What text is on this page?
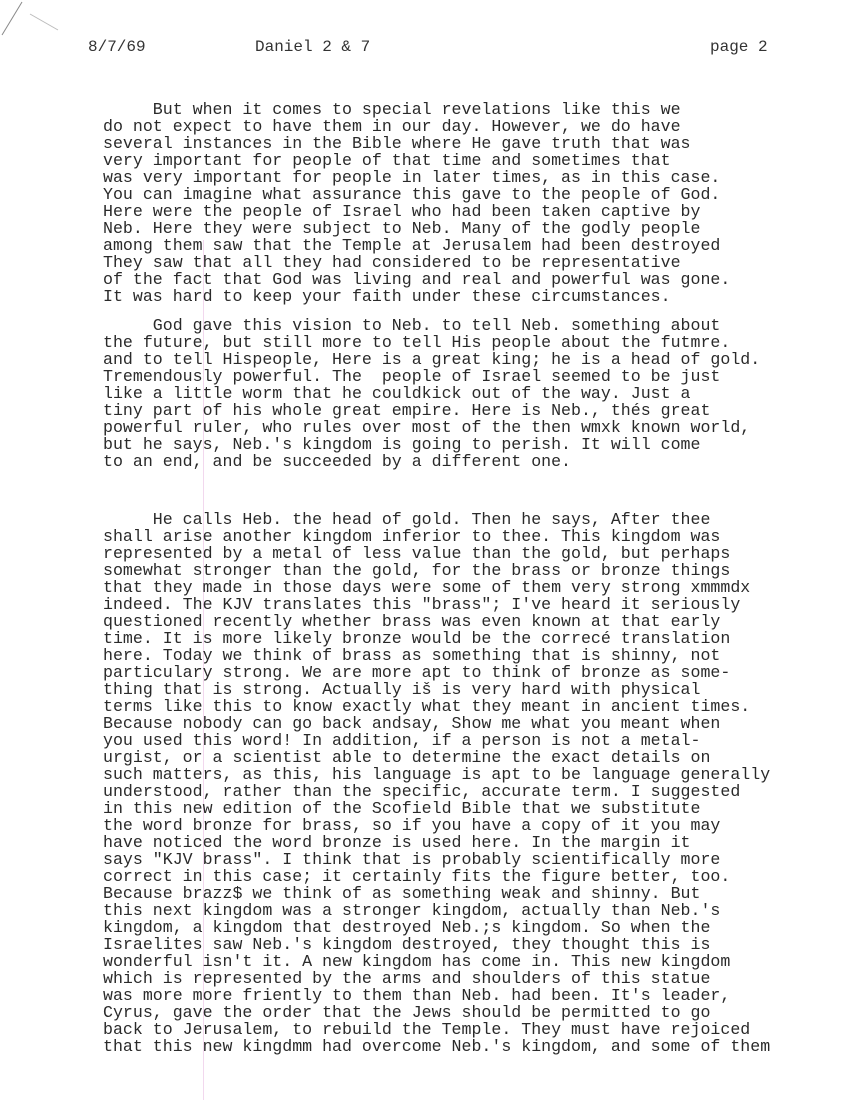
8/7/69	Daniel 2 & 7	page 2
But when it comes to special revelations like this we
do not expect to have them in our day. However, we do have
several instances in the Bible where He gave truth that was
very important for people of that time and sometimes that
was very important for people in later times, as in this case.
You can imagine what assurance this gave to the people of God.
Here were the people of Israel who had been taken captive by
Neb. Here they were subject to Neb. Many of the godly people
among them saw that the Temple at Jerusalem had been destroyed
They saw that all they had considered to be representative
of the fact that God was living and real and powerful was gone.
It was hard to keep your faith under these circumstances.
God gave this vision to Neb. to tell Neb. something about
the future, but still more to tell His people about the futmre.
and to tell Hispeople, Here is a great king; he is a head of gold.
Tremendously powerful. The  people of Israel seemed to be just
like a little worm that he couldkick out of the way. Just a
tiny part of his whole great empire. Here is Neb., thés great
powerful ruler, who rules over most of the then wmxk known world,
but he says, Neb.'s kingdom is going to perish. It will come
to an end, and be succeeded by a different one.
He calls Heb. the head of gold. Then he says, After thee
shall arise another kingdom inferior to thee. This kingdom was
represented by a metal of less value than the gold, but perhaps
somewhat stronger than the gold, for the brass or bronze things
that they made in those days were some of them very strong xmmmdx
indeed. The KJV translates this "brass"; I've heard it seriously
questioned recently whether brass was even known at that early
time. It is more likely bronze would be the correcé translation
here. Today we think of brass as something that is shinny, not
particulary strong. We are more apt to think of bronze as some-
thing that is strong. Actually iš is very hard with physical
terms like this to know exactly what they meant in ancient times.
Because nobody can go back andsay, Show me what you meant when
you used this word! In addition, if a person is not a metal-
urgist, or a scientist able to determine the exact details on
such matters, as this, his language is apt to be language generally
understood, rather than the specific, accurate term. I suggested
in this new edition of the Scofield Bible that we substitute
the word bronze for brass, so if you have a copy of it you may
have noticed the word bronze is used here. In the margin it
says "KJV brass". I think that is probably scientifically more
correct in this case; it certainly fits the figure better, too.
Because brazz$ we think of as something weak and shinny. But
this next kingdom was a stronger kingdom, actually than Neb.'s
kingdom, a kingdom that destroyed Neb.;s kingdom. So when the
Israelites saw Neb.'s kingdom destroyed, they thought this is
wonderful isn't it. A new kingdom has come in. This new kingdom
which is represented by the arms and shoulders of this statue
was more more friently to them than Neb. had been. It's leader,
Cyrus, gave the order that the Jews should be permitted to go
back to Jerusalem, to rebuild the Temple. They must have rejoiced
that this new kingdmm had overcome Neb.'s kingdom, and some of them
